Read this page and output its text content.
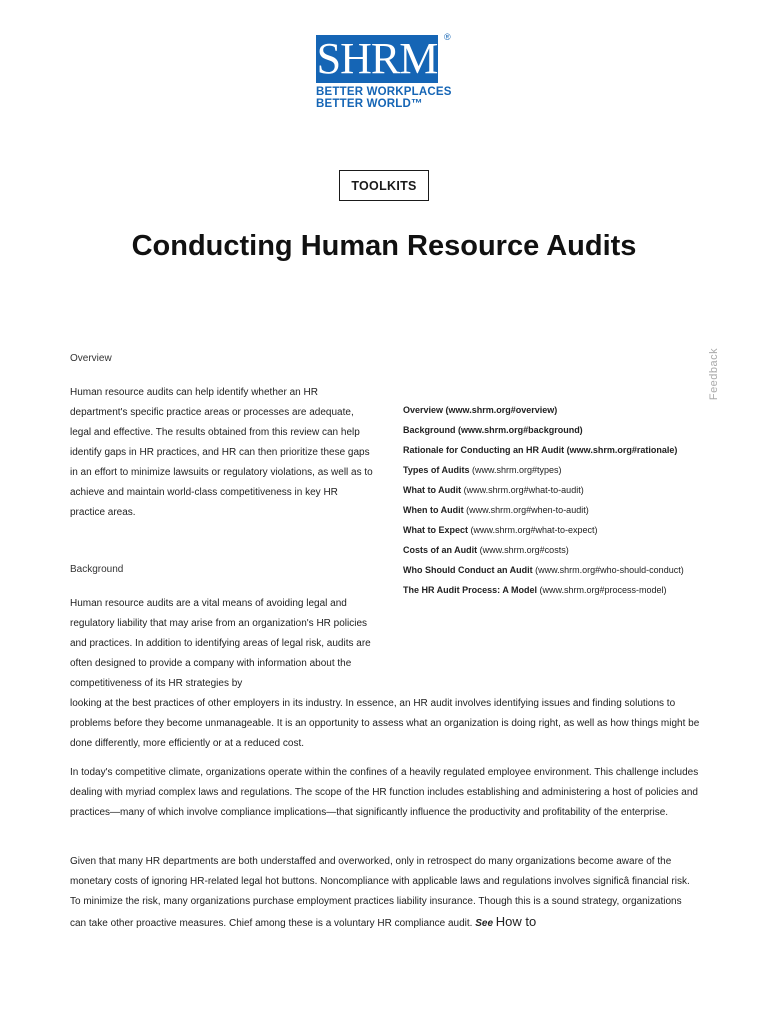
SHRM ®
BETTER WORKPLACES
BETTER WORLD™
TOOLKITS
Conducting Human Resource Audits
Feedback
Overview
Human resource audits can help identify whether an HR department's specific practice areas or processes are adequate, legal and effective. The results obtained from this review can help identify gaps in HR practices, and HR can then prioritize these gaps in an effort to minimize lawsuits or regulatory violations, as well as to achieve and maintain world-class competitiveness in key HR practice areas.
Overview (www.shrm.org#overview)
Background (www.shrm.org#background)
Rationale for Conducting an HR Audit (www.shrm.org#rationale)
Types of Audits (www.shrm.org#types)
What to Audit (www.shrm.org#what-to-audit)
When to Audit (www.shrm.org#when-to-audit)
What to Expect (www.shrm.org#what-to-expect)
Costs of an Audit (www.shrm.org#costs)
Who Should Conduct an Audit (www.shrm.org#who-should-conduct)
The HR Audit Process: A Model (www.shrm.org#process-model)
Background
Human resource audits are a vital means of avoiding legal and regulatory liability that may arise from an organization's HR policies and practices. In addition to identifying areas of legal risk, audits are often designed to provide a company with information about the competitiveness of its HR strategies by
looking at the best practices of other employers in its industry. In essence, an HR audit involves identifying issues and finding solutions to problems before they become unmanageable. It is an opportunity to assess what an organization is doing right, as well as how things might be done differently, more efficiently or at a reduced cost.
In today's competitive climate, organizations operate within the confines of a heavily regulated employee environment. This challenge includes dealing with myriad complex laws and regulations. The scope of the HR function includes establishing and administering a host of policies and practices—many of which involve compliance implications—that significantly influence the productivity and profitability of the enterprise.
Given that many HR departments are both understaffed and overworked, only in retrospect do many organizations become aware of the monetary costs of ignoring HR-related legal hot buttons. Noncompliance with applicable laws and regulations involves significâ financial risk. To minimize the risk, many organizations purchase employment practices liability insurance. Though this is a sound strategy, organizations can take other proactive measures. Chief among these is a voluntary HR compliance audit. See How to
